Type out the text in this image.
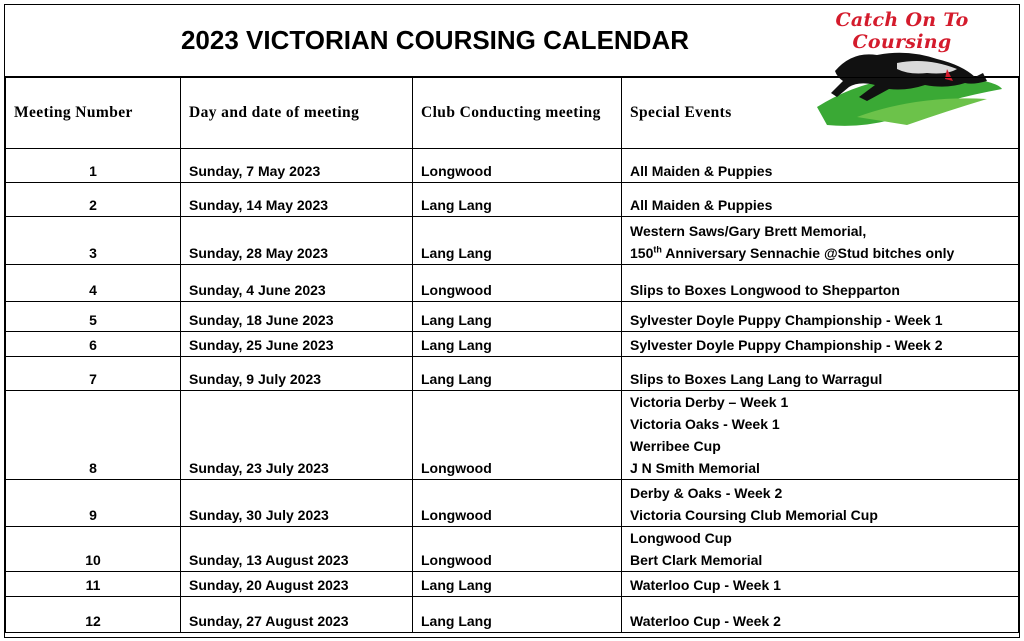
2023 VICTORIAN COURSING CALENDAR
Catch On To Coursing
Meeting Number	Day and date of meeting	Club Conducting meeting	Special Events
1	Sunday, 7 May 2023	Longwood	All Maiden & Puppies

2	Sunday, 14 May 2023	Lang Lang	All Maiden & Puppies

3	Sunday, 28 May 2023	Lang Lang	Western Saws/Gary Brett Memorial,
150th Anniversary Sennachie @Stud bitches only

4	Sunday, 4 June 2023	Longwood	Slips to Boxes Longwood to Shepparton

5	Sunday, 18 June 2023	Lang Lang	Sylvester Doyle Puppy Championship - Week 1

6	Sunday, 25 June 2023	Lang Lang	Sylvester Doyle Puppy Championship - Week 2

7	Sunday, 9 July 2023	Lang Lang	Slips to Boxes Lang Lang to Warragul

8	Sunday, 23 July 2023	Longwood	Victoria Derby – Week 1
Victoria Oaks - Week 1
Werribee Cup
J N Smith Memorial

9	Sunday, 30 July 2023	Longwood	Derby & Oaks - Week 2
Victoria Coursing Club Memorial Cup

10	Sunday, 13 August 2023	Longwood	Longwood Cup
Bert Clark Memorial

11	Sunday, 20 August 2023	Lang Lang	Waterloo Cup - Week 1

12	Sunday, 27 August 2023	Lang Lang	Waterloo Cup - Week 2
